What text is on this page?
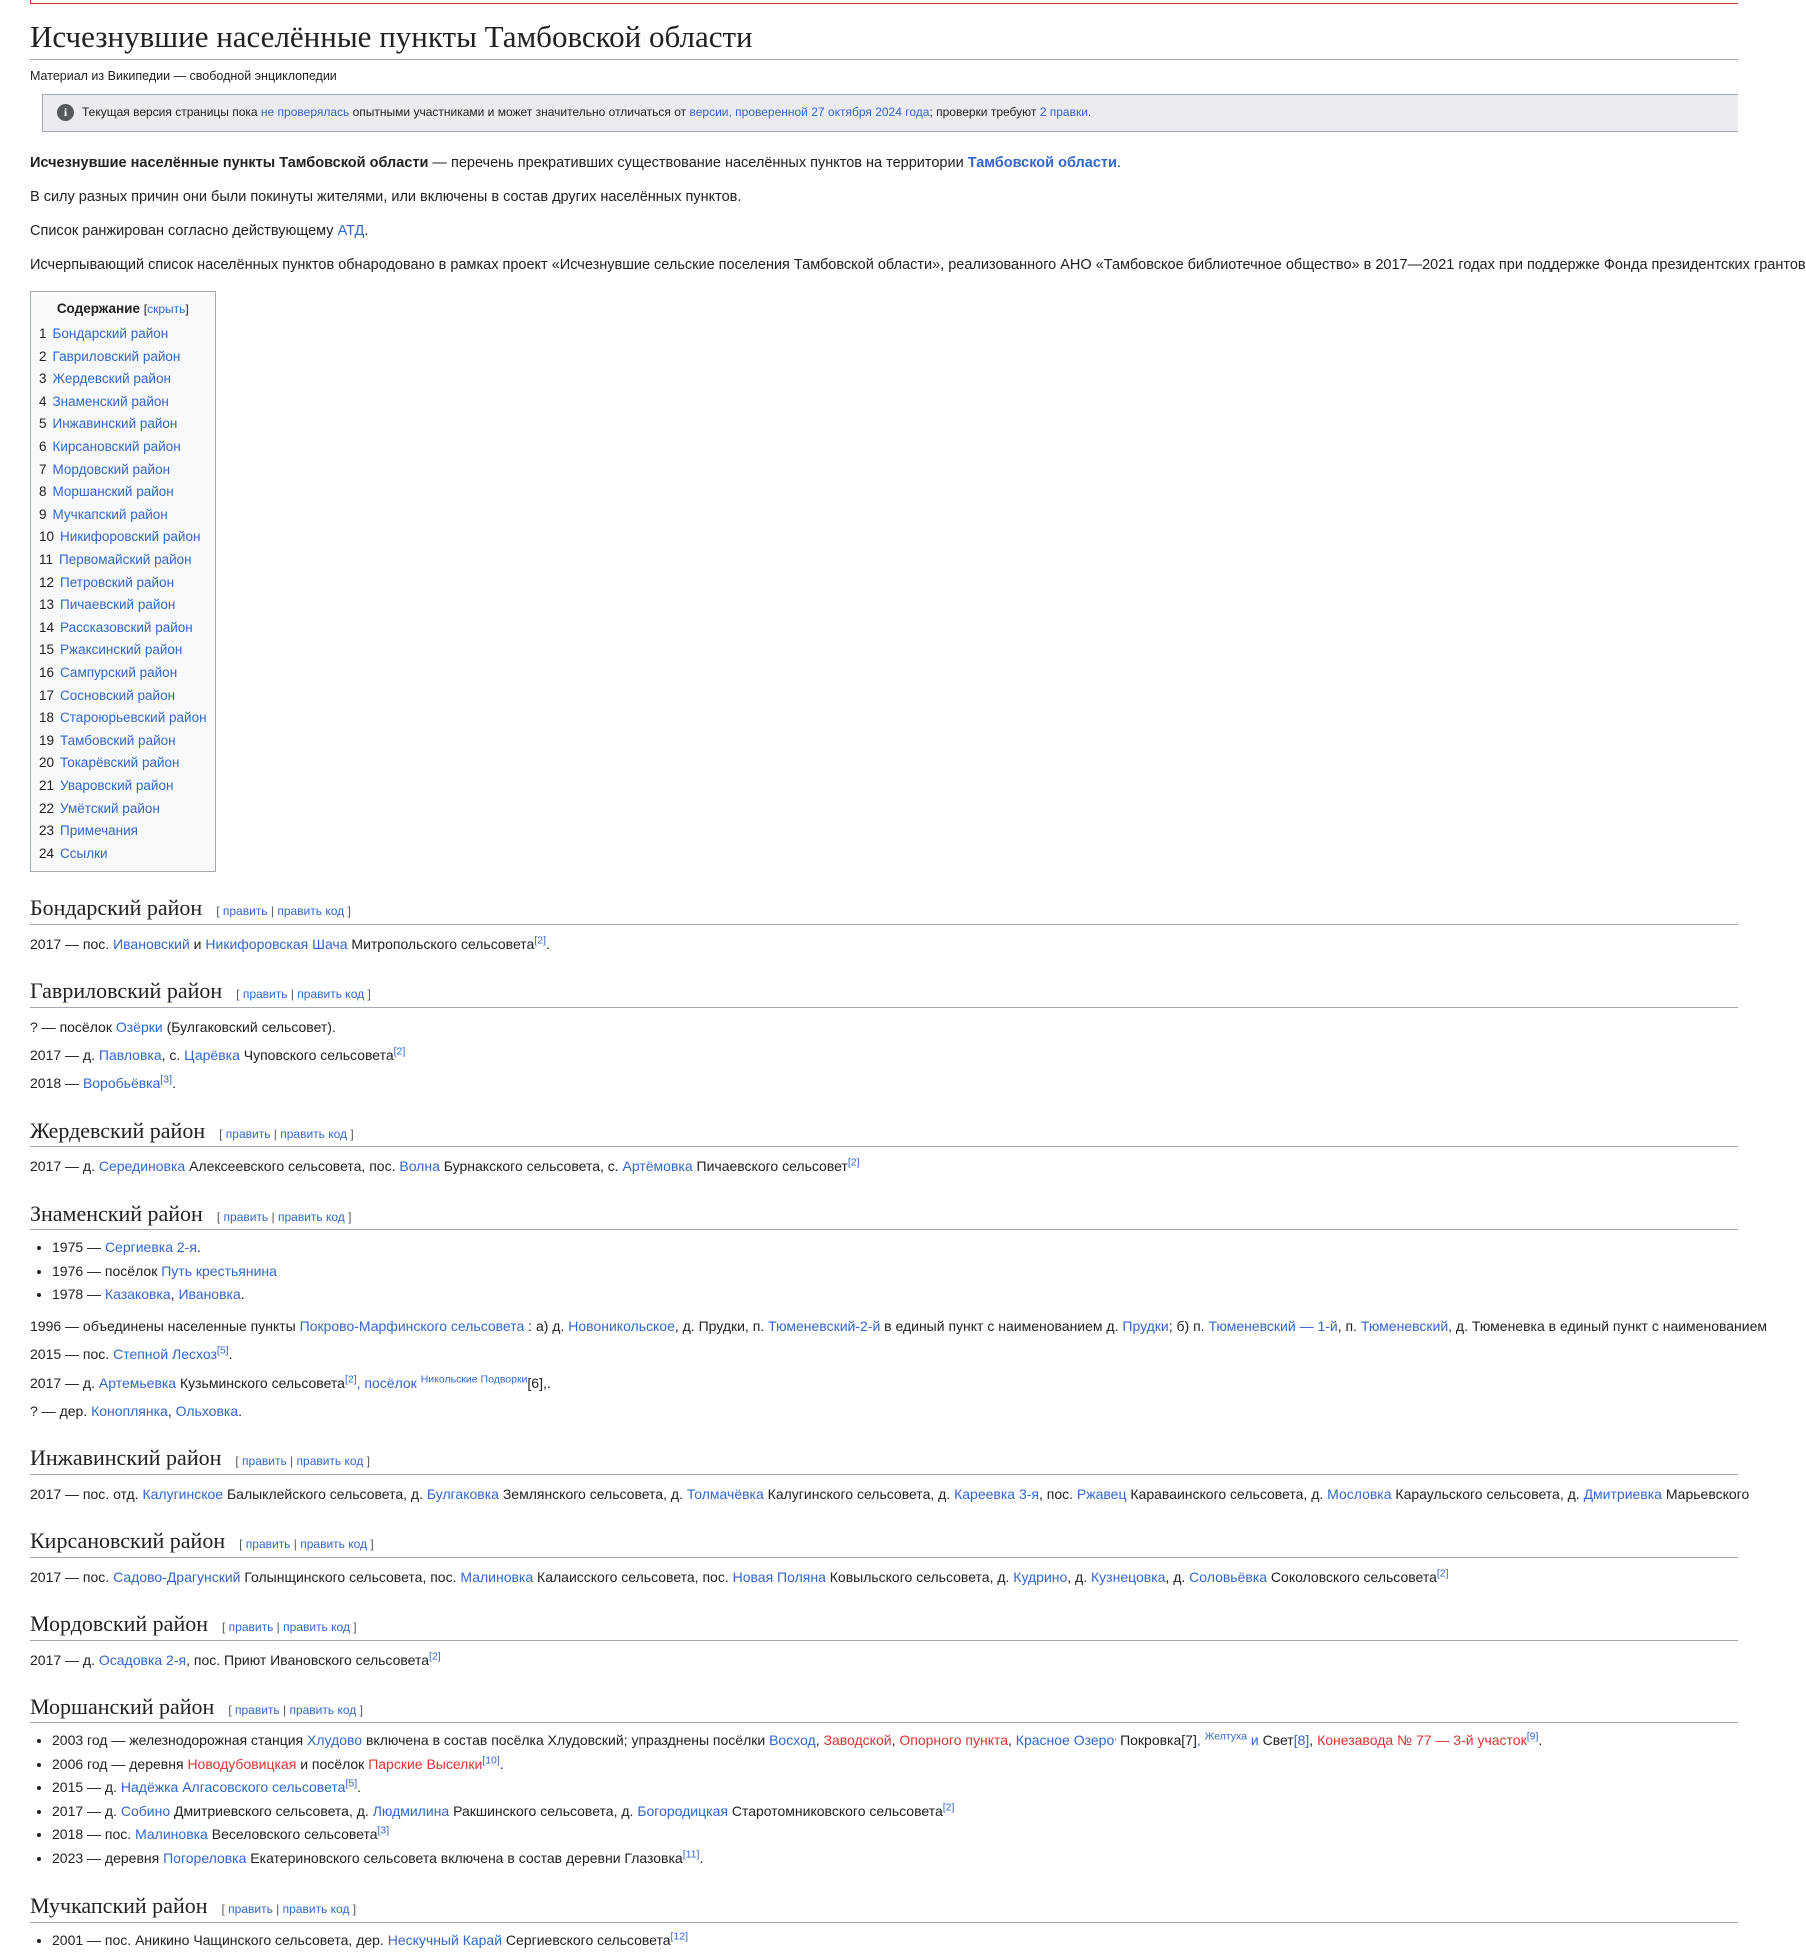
Исчезнувшие населённые пункты Тамбовской области
Материал из Википедии — свободной энциклопедии
i	Текущая версия страницы пока не проверялась опытными участниками и может значительно отличаться от версии, проверенной 27 октября 2024 года; проверки требуют 2 правки.

Исчезнувшие населённые пункты Тамбовской области — перечень прекративших существование населённых пунктов на территории Тамбовской области.

В силу разных причин они были покинуты жителями, или включены в состав других населённых пунктов.

Список ранжирован согласно действующему АТД.

Исчерпывающий список населённых пунктов обнародовано в рамках проект «Исчезнувшие сельские поселения Тамбовской области», реализованного АНО «Тамбовское библиотечное общество» в 2017—2021 годах при поддержке Фонда президентских грантов

Содержание [скрыть]
1 Бондарский район
2 Гавриловский район
3 Жердевский район
4 Знаменский район
5 Инжавинский район
6 Кирсановский район
7 Мордовский район
8 Моршанский район
9 Мучкапский район
10 Никифоровский район
11 Первомайский район
12 Петровский район
13 Пичаевский район
14 Рассказовский район
15 Ржаксинский район
16 Сампурский район
17 Сосновский район
18 Староюрьевский район
19 Тамбовский район
20 Токарёвский район
21 Уваровский район
22 Умётский район
23 Примечания
24 Ссылки
Бондарский район [ править | править код ]

2017 — пос. Ивановский и Никифоровская Шача Митропольского сельсовета[2].

Гавриловский район [ править | править код ]

? — посёлок Озёрки (Булгаковский сельсовет).

2017 — д. Павловка, с. Царёвка Чуповского сельсовета[2]

2018 — Воробьёвка[3].

Жердевский район [ править | править код ]

2017 — д. Серединовка Алексеевского сельсовета, пос. Волна Бурнакского сельсовета, с. Артёмовка Пичаевского сельсовет[2]

Знаменский район [ править | править код ]
• 1975 — Сергиевка 2-я.
• 1976 — посёлок Путь крестьянина
• 1978 — Казаковка, Ивановка.

1996 — объединены населенные пункты Покрово-Марфинского сельсовета : а) д. Новоникольское, д. Прудки, п. Тюменевский-2-й в единый пункт с наименованием д. Прудки; б) п. Тюменевский — 1-й, п. Тюменевский, д. Тюменевка в единый пункт с наименованием

2015 — пос. Степной Лесхоз[5].

2017 — д. Артемьевка Кузьминского сельсовета[2], посёлок $^{Никольские Подворки}$[6],.

? — дер. Коноплянка, Ольховка.

Инжавинский район [ править | править код ]

2017 — пос. отд. Калугинское Балыклейского сельсовета, д. Булгаковка Землянского сельсовета, д. Толмачёвка Калугинского сельсовета, д. Кареевка 3-я, пос. Ржавец Караваинского сельсовета, д. Мословка Караульского сельсовета, д. Дмитриевка Марьевского

Кирсановский район [ править | править код ]

2017 — пос. Садово-Драгунский Голынщинского сельсовета, пос. Малиновка Калаисского сельсовета, пос. Новая Поляна Ковыльского сельсовета, д. Кудрино, д. Кузнецовка, д. Соловьёвка Соколовского сельсовета[2]

Мордовский район [ править | править код ]

2017 — д. Осадовка 2-я, пос. Приют Ивановского сельсовета[2]

Моршанский район [ править | править код ]
• 2003 год — железнодорожная станция Хлудово включена в состав посёлка Хлудовский; упразднены посёлки Восход, Заводской, Опорного пункта, Красное Озеро, Покровка[7], $^{Желтуха}$ и Свет[8], Конезавода № 77 — 3-й участок[9].
• 2006 год — деревня Новодубовицкая и посёлок Парские Выселки[10].
• 2015 — д. Надёжка Алгасовского сельсовета[5].
• 2017 — д. Собино Дмитриевского сельсовета, д. Людмилина Ракшинского сельсовета, д. Богородицкая Старотомниковского сельсовета[2]
• 2018 — пос. Малиновка Веселовского сельсовета[3]
• 2023 — деревня Погореловка Екатериновского сельсовета включена в состав деревни Глазовка[11].
Мучкапский район [ править | править код ]
• 2001 — пос. Аникино Чащинского сельсовета, дер. Нескучный Карай Сергиевского сельсовета[12]
